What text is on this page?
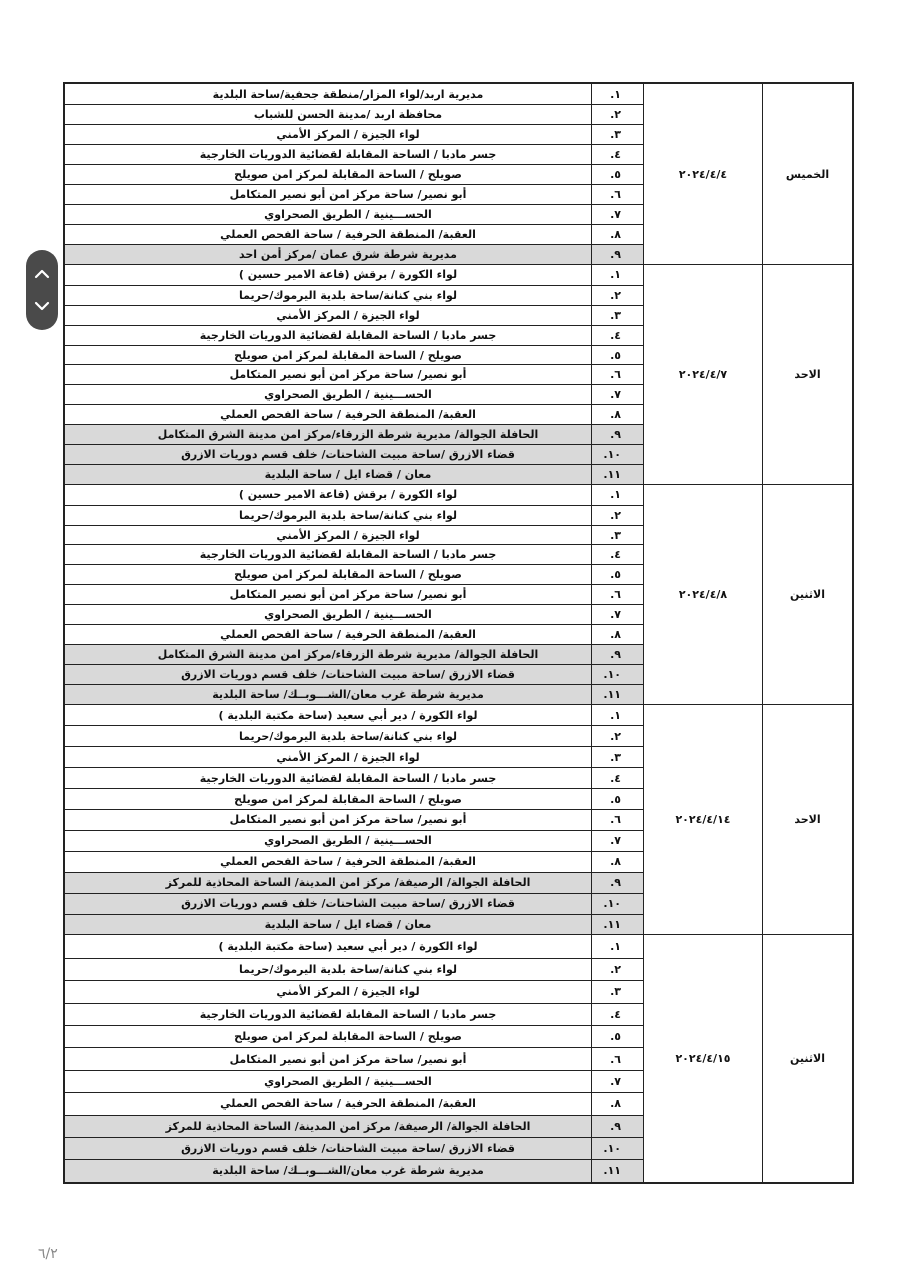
الخميس
٢٠٢٤/٤/٤
.١
مديرية اربد/لواء المزار/منطقة جحفية/ساحة البلدية
.٢
محافظة اربد /مدينة الحسن للشباب
.٣
لواء الجيزة / المركز الأمني
.٤
جسر مادبا / الساحة المقابلة لقضائية الدوريات الخارجية
.٥
صويلح / الساحة المقابلة لمركز امن صويلح
.٦
أبو نصير/ ساحة مركز امن أبو نصير المتكامل
.٧
الحســـينية / الطريق الصحراوي
.٨
العقبة/ المنطقة الحرفية / ساحة الفحص العملي
.٩
مديرية شرطة شرق عمان /مركز أمن احد
الاحد
٢٠٢٤/٤/٧
.١
لواء الكورة / برقش (قاعة الامير حسين )
.٢
لواء بني كنانة/ساحة بلدية اليرموك/حريما
.٣
لواء الجيزة / المركز الأمني
.٤
جسر مادبا / الساحة المقابلة لقضائية الدوريات الخارجية
.٥
صويلح / الساحة المقابلة لمركز امن صويلح
.٦
أبو نصير/ ساحة مركز امن أبو نصير المتكامل
.٧
الحســـينية / الطريق الصحراوي
.٨
العقبة/ المنطقة الحرفية / ساحة الفحص العملي
.٩
الحافلة الجوالة/ مديرية شرطة الزرقاء/مركز امن مدينة الشرق المتكامل
.١٠
قضاء الازرق /ساحة مبيت الشاحنات/ خلف قسم دوريات الازرق
.١١
معان / قضاء ايل / ساحة البلدية
الاثنين
٢٠٢٤/٤/٨
.١
لواء الكورة / برقش (قاعة الامير حسين )
.٢
لواء بني كنانة/ساحة بلدية اليرموك/حريما
.٣
لواء الجيزة / المركز الأمني
.٤
جسر مادبا / الساحة المقابلة لقضائية الدوريات الخارجية
.٥
صويلح / الساحة المقابلة لمركز امن صويلح
.٦
أبو نصير/ ساحة مركز امن أبو نصير المتكامل
.٧
الحســـينية / الطريق الصحراوي
.٨
العقبة/ المنطقة الحرفية / ساحة الفحص العملي
.٩
الحافلة الجوالة/ مديرية شرطة الزرقاء/مركز امن مدينة الشرق المتكامل
.١٠
قضاء الازرق /ساحة مبيت الشاحنات/ خلف قسم دوريات الازرق
.١١
مديرية شرطة غرب معان/الشـــوبــك/ ساحة البلدية
الاحد
٢٠٢٤/٤/١٤
.١
لواء الكورة / دير أبي سعيد (ساحة مكتبة البلدية )
.٢
لواء بني كنانة/ساحة بلدية اليرموك/حريما
.٣
لواء الجيزة / المركز الأمني
.٤
جسر مادبا / الساحة المقابلة لقضائية الدوريات الخارجية
.٥
صويلح / الساحة المقابلة لمركز امن صويلح
.٦
أبو نصير/ ساحة مركز امن أبو نصير المتكامل
.٧
الحســـينية / الطريق الصحراوي
.٨
العقبة/ المنطقة الحرفية / ساحة الفحص العملي
.٩
الحافلة الجوالة/ الرصيفة/ مركز امن المدينة/ الساحة المحاذية للمركز
.١٠
قضاء الازرق /ساحة مبيت الشاحنات/ خلف قسم دوريات الازرق
.١١
معان / قضاء ايل / ساحة البلدية
الاثنين
٢٠٢٤/٤/١٥
.١
لواء الكورة / دير أبي سعيد (ساحة مكتبة البلدية )
.٢
لواء بني كنانة/ساحة بلدية اليرموك/حريما
.٣
لواء الجيزة / المركز الأمني
.٤
جسر مادبا / الساحة المقابلة لقضائية الدوريات الخارجية
.٥
صويلح / الساحة المقابلة لمركز امن صويلح
.٦
أبو نصير/ ساحة مركز امن أبو نصير المتكامل
.٧
الحســـينية / الطريق الصحراوي
.٨
العقبة/ المنطقة الحرفية / ساحة الفحص العملي
.٩
الحافلة الجوالة/ الرصيفة/ مركز امن المدينة/ الساحة المحاذية للمركز
.١٠
قضاء الازرق /ساحة مبيت الشاحنات/ خلف قسم دوريات الازرق
.١١
مديرية شرطة غرب معان/الشـــوبــك/ ساحة البلدية
٦/٢
